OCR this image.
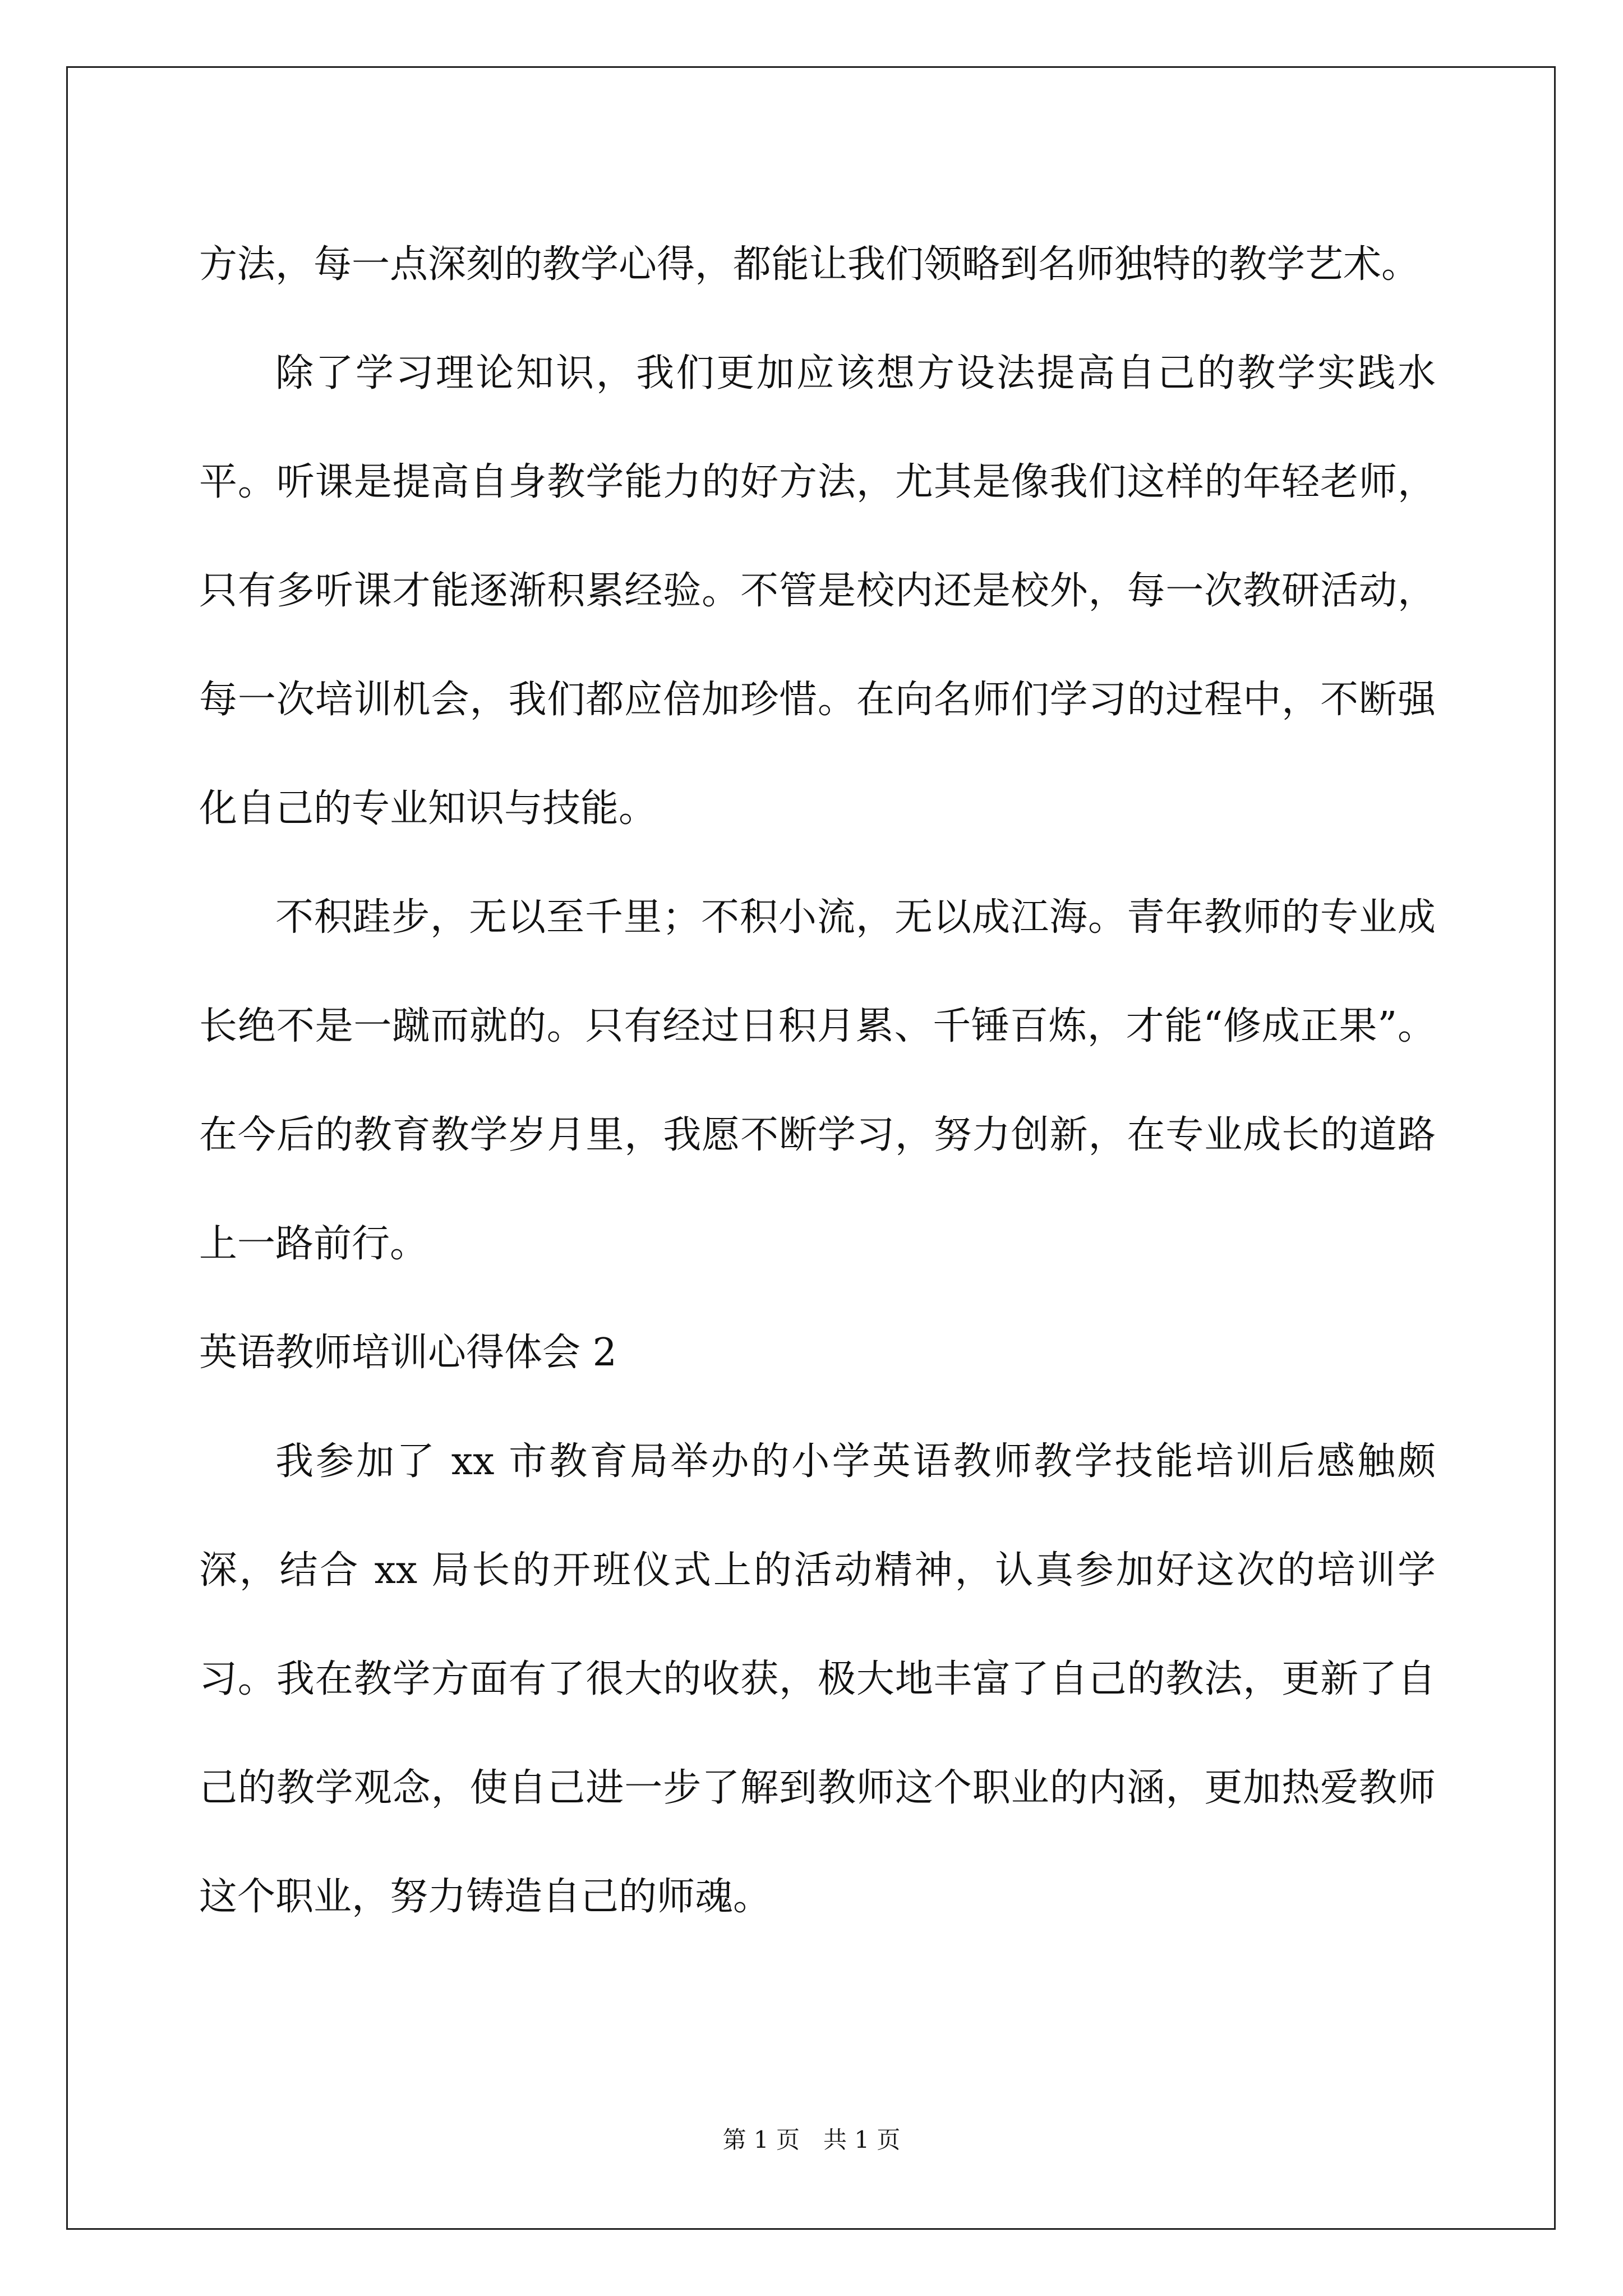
方法，每一点深刻的教学心得，都能让我们领略到名师独特的教学艺术。

除了学习理论知识，我们更加应该想方设法提高自己的教学实践水平。听课是提高自身教学能力的好方法，尤其是像我们这样的年轻老师，只有多听课才能逐渐积累经验。不管是校内还是校外，每一次教研活动，每一次培训机会，我们都应倍加珍惜。在向名师们学习的过程中，不断强化自己的专业知识与技能。

不积跬步，无以至千里；不积小流，无以成江海。青年教师的专业成长绝不是一蹴而就的。只有经过日积月累、千锤百炼，才能“修成正果”。在今后的教育教学岁月里，我愿不断学习，努力创新，在专业成长的道路上一路前行。

英语教师培训心得体会 2

我参加了 xx 市教育局举办的小学英语教师教学技能培训后感触颇深，结合 xx 局长的开班仪式上的活动精神，认真参加好这次的培训学习。我在教学方面有了很大的收获，极大地丰富了自己的教法，更新了自己的教学观念，使自己进一步了解到教师这个职业的内涵，更加热爱教师这个职业，努力铸造自己的师魂。

第 1 页　共 1 页
